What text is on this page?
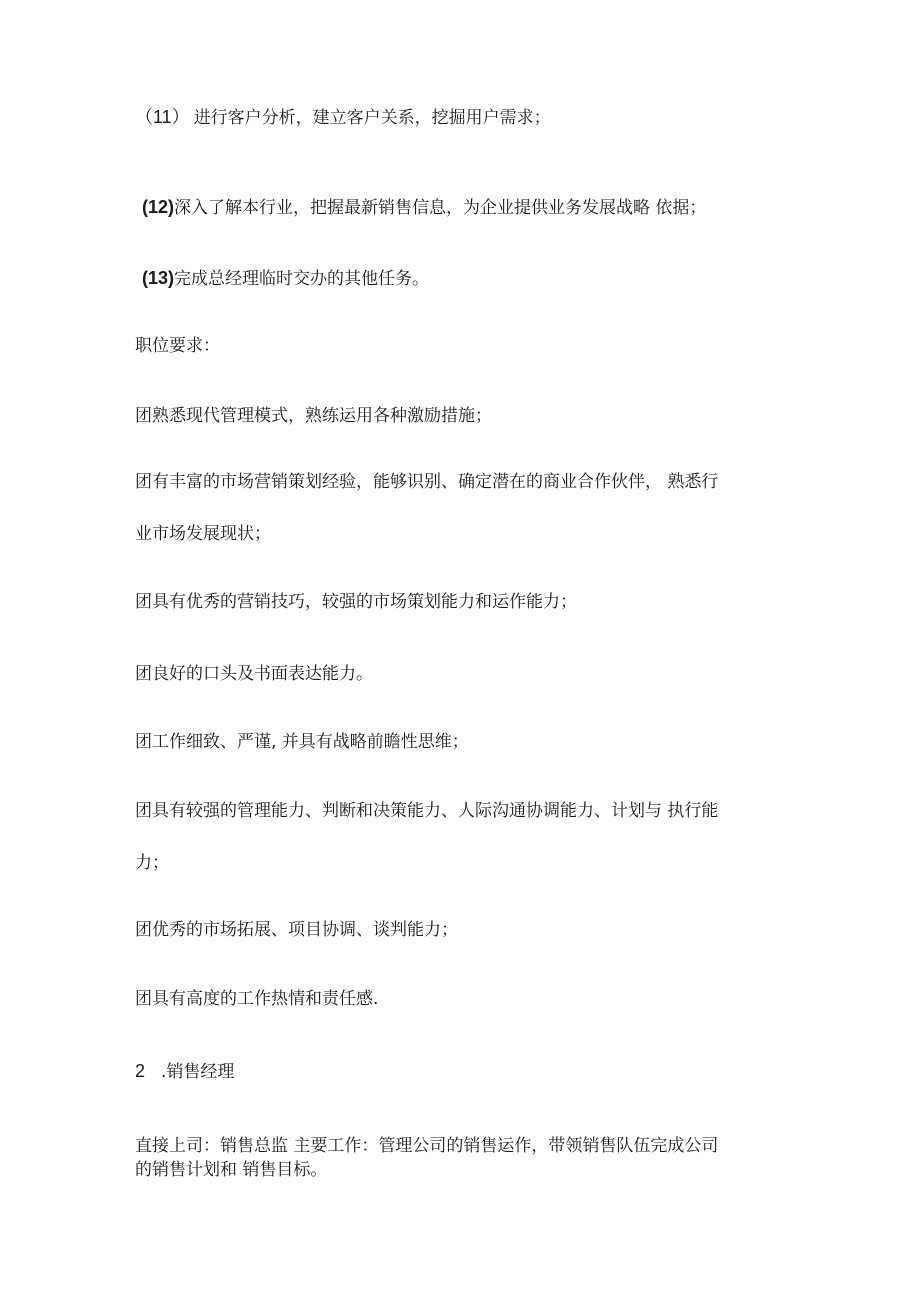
（11） 进行客户分析，建立客户关系，挖掘用户需求；
(12)深入了解本行业，把握最新销售信息，为企业提供业务发展战略 依据；
(13)完成总经理临时交办的其他任务。
职位要求：
团熟悉现代管理模式，熟练运用各种激励措施；
团有丰富的市场营销策划经验，能够识别、确定潜在的商业合作伙伴， 熟悉行
业市场发展现状；
团具有优秀的营销技巧，较强的市场策划能力和运作能力；
团良好的口头及书面表达能力。
团工作细致、严谨, 并具有战略前瞻性思维；
团具有较强的管理能力、判断和决策能力、人际沟通协调能力、计划与 执行能
力；
团优秀的市场拓展、项目协调、谈判能力；
团具有高度的工作热情和责任感.
2 .销售经理
直接上司：销售总监 主要工作：管理公司的销售运作，带领销售队伍完成公司
的销售计划和 销售目标。
